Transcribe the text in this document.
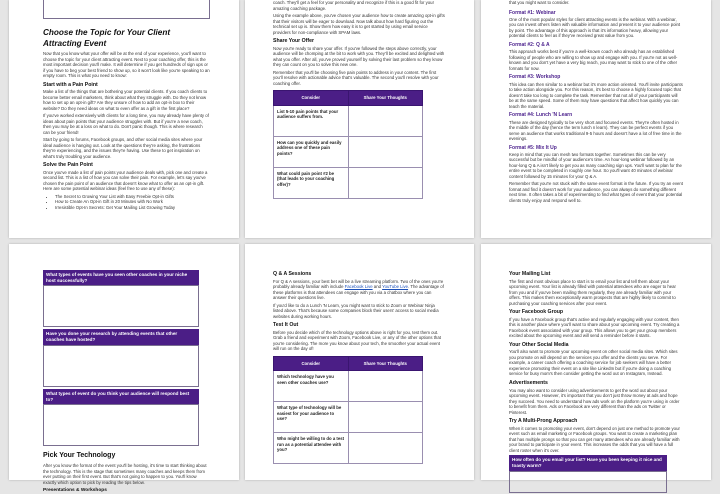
Choose the Topic for Your Client Attracting Event

Now that you know what your offer will be at the end of your experience, you'll want to choose the topic for your client attracting event. Next to your coaching offer, this is the most important decision you'll make. It will determine if you get hundreds of sign ups or if you have to beg your best friend to show up, so it won't look like you're speaking to an empty room. This is what you need to know:

Start with a Pain Point

Make a list of the things that are bothering your potential clients. If you coach clients to become better email marketers, think about what they struggle with. Do they not know how to set up an opt-in gift? Are they unsure of how to add an opt-in box to their website? Do they need ideas on what to even offer as a gift in the first place?

If you've worked extensively with clients for a long time, you may already have plenty of ideas about pain points that your audience struggles with. But if you're a new coach, then you may be at a loss on what to do. Don't panic though. This is where research can be your friend!

Start by going to forums, Facebook groups, and other social media sites where your ideal audience is hanging out. Look at the questions they're asking, the frustrations they're experiencing, and the issues they're having. Use these to get inspiration on what's truly troubling your audience.

Solve the Pain Point

Once you've made a list of pain points your audience deals with, pick one and create a second list. This is a list of how you can solve their pain. For example, let's say you've chosen the pain point of an audience that doesn't know what to offer as an opt-in gift. Here are some potential webinar ideas (feel free to use any of these):

• The Secret to Growing Your List with Easy Freebie Opt-in Gifts
• How to Create An Opt-in Gift in 20 Minutes with No Work
• Irresistible Opt-In Secrets: Get Your Mailing List Growing Today

coach. They'll get a feel for your personality and recognize if this is a good fit for your amazing coaching package.

Using the example above, you've chosen your audience how to create amazing opt-in gifts that their visitors will be eager to download. Now talk about how hard figuring out the technical set up is. Show them how easy it is to get started by using email service providers for non-compliance with SPAM laws.

Share Your Offer

Now you're ready to share your offer. If you've followed the steps above correctly, your audience will be chomping at the bit to work with you. They'll be excited and delighted with what you offer. After all, you've proved yourself by solving their last problem so they know they can count on you to solve this new one.

Remember that you'll be choosing five pain points to address in your content. The first you'll resolve with actionable advice that's valuable. The second you'll resolve with your coaching offer.

Consider	Share Your Thoughts
List 5-10 pain points that your audience suffers from.	
How can you quickly and easily address one of these pain points?	
What could pain point #2 be (that leads to your coaching offer)?	

that you might want to consider.

Format #1: Webinar

One of the most popular styles for client attracting events is the webinar. With a webinar, you can invest others listen with valuable information and present it to your audience point by point. The advantage of this approach is that it's information heavy, allowing your potential clients to feel as if they've received great value from you.

Format #2: Q & A

This approach works best if you're a well-known coach who already has an established following of people who are willing to show up and engage with you. If you're not as well-known and you don't yet have a very big reach, you may want to stick to one of the other formats for now.

Format #3: Workshop

This idea can then similar to a webinar but it's more action oriented. You'll invite participants to take action alongside you. For this reason, it's best to choose a highly focused topic that doesn't take too long to complete the task. Remember that not all of your participants will be at the same speed. Some of them may have questions that affect how quickly you can teach the material.

Format #4: Lunch 'N Learn

These are designed typically to be very short and focused events. They're often hosted in the middle of the day (hence the term lunch n learn). They can be perfect events if you serve an audience that works traditional 9-5 hours and doesn't have a lot of free time in the evenings.

Format #5: Mix It Up

Keep in mind that you can mesh two formats together. Sometimes this can be very successful but be mindful of your audience's time. An hour-long webinar followed by an hour-long Q & A isn't likely to get you as many coaching sign ups. You'll want to plan for the entire event to be completed in roughly one hour. So you'll want 40 minutes of webinar content followed by 15 minutes for your Q & A.

Remember that you're not stuck with the same event format in the future. If you try an event format and find it doesn't work for your audience, you can always do something different next time. It often takes a bit of experimenting to find what types of event that your potential clients truly enjoy and respond well to.

What types of events have you seen other coaches in your niche host successfully?
Have you done your research by attending events that other coaches have hosted?
What types of event do you think your audience will respond best to?
Pick Your Technology

After you know the format of the event you'll be hosting, it's time to start thinking about the technology. This is the stage that sometimes many coaches and keeps them from ever putting on their first event. But that's not going to happen to you. You'll know exactly which option to pick by reading the tips below.

Presentations & Workshops
Q & A Sessions

For Q & A sessions, your best bet will be a live streaming platform. Two of the ones you're probably already familiar with include Facebook Live and YouTube Live. The advantage of these platforms is that attendees can engage with you via a chatbox where you can answer their questions live.

If you'd like to do a Lunch 'N Learn, you might want to stick to Zoom or Webinar Ninja listed above. That's because some companies block their users' access to social media websites during working hours.

Test It Out

Before you decide which of the technology options above is right for you, test them out. Grab a friend and experiment with Zoom, Facebook Live, or any of the other options that you're considering. The more you know about your tech, the smoother your actual event will run on the day of!

Consider	Share Your Thoughts
Which technology have you seen other coaches use?	
What type of technology will be easiest for your audience to use?	
Who might be willing to do a test run as a potential attendee with you?	
Your Mailing List

The first and most obvious place to start is to email your list and tell them about your upcoming event. Your list is already filled with potential attendees who are eager to hear from you and if you've been mailing them regularly, they are already familiar with your offers. This makes them exceptionally warm prospects that are highly likely to commit to purchasing your coaching services after your event.

Your Facebook Group

If you have a Facebook group that's active and regularly engaging with your content, then this is another place where you'll want to share about your upcoming event. Try creating a Facebook event associated with your group. This allows you to get your group members excited about the upcoming event and will send a reminder before it starts.

Your Other Social Media

You'll also want to promote your upcoming event on other social media sites. Which sites you promote on will depend on the services you offer and the clients you serve. For example, a career coach offering a coaching service for job seekers will have a better experience promoting their event on a site like LinkedIn but if you're doing a coaching service for busy mom's then consider getting the word out on Instagram, Instead.

Advertisements

You may also want to consider using advertisements to get the word out about your upcoming event. However, it's important that you don't just throw money at ads and hope they succeed. You need to understand how ads work on the platform you're using in order to benefit from them. Ads on Facebook are very different than the ads on Twitter or Pinterest.

Try A Multi-Prong Approach

When it comes to promoting your event, don't depend on just one method to promote your event such as email marketing or Facebook groups. You want to create a marketing plan that has multiple prongs so that you can get many attendees who are already familiar with your brand to participate in your event. This increases the odds that you will have a full client roster when it's over.

How often do you email your list? Have you been keeping it nice and toasty warm?
